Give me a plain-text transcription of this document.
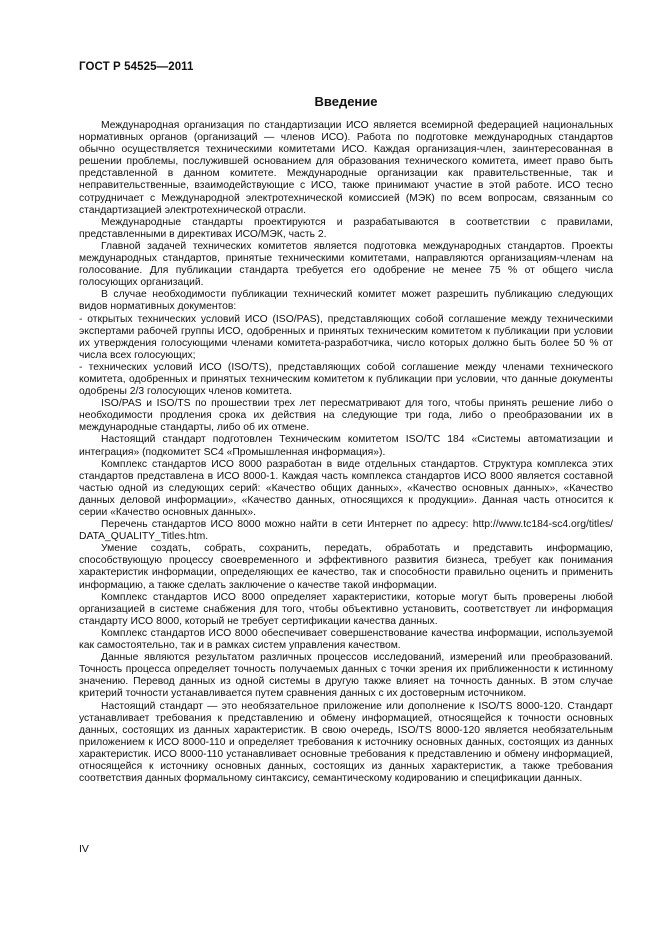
ГОСТ Р 54525—2011
Введение

Международная организация по стандартизации ИСО является всемирной федерацией национальных нормативных органов (организаций — членов ИСО). Работа по подготовке международных стандартов обычно осуществляется техническими комитетами ИСО. Каждая организация-член, заинтересованная в решении проблемы, послужившей основанием для образования технического комитета, имеет право быть представленной в данном комитете. Международные организации как правительственные, так и неправительственные, взаимодействующие с ИСО, также принимают участие в этой работе. ИСО тесно сотрудничает с Международной электротехнической комиссией (МЭК) по всем вопросам, связанным со стандартизацией электротехнической отрасли.

Международные стандарты проектируются и разрабатываются в соответствии с правилами, представленными в директивах ИСО/МЭК, часть 2.

Главной задачей технических комитетов является подготовка международных стандартов. Проекты международных стандартов, принятые техническими комитетами, направляются организациям-членам на голосование. Для публикации стандарта требуется его одобрение не менее 75 % от общего числа голосующих организаций.

В случае необходимости публикации технический комитет может разрешить публикацию следующих видов нормативных документов:

- открытых технических условий ИСО (ISO/PAS), представляющих собой соглашение между техническими экспертами рабочей группы ИСО, одобренных и принятых техническим комитетом к публикации при условии их утверждения голосующими членами комитета-разработчика, число которых должно быть более 50 % от числа всех голосующих;

- технических условий ИСО (ISO/TS), представляющих собой соглашение между членами технического комитета, одобренных и принятых техническим комитетом к публикации при условии, что данные документы одобрены 2/3 голосующих членов комитета.

ISO/PAS и ISO/TS по прошествии трех лет пересматривают для того, чтобы принять решение либо о необходимости продления срока их действия на следующие три года, либо о преобразовании их в международные стандарты, либо об их отмене.

Настоящий стандарт подготовлен Техническим комитетом ISO/TC 184 «Системы автоматизации и интеграция» (подкомитет SC4 «Промышленная информация»).

Комплекс стандартов ИСО 8000 разработан в виде отдельных стандартов. Структура комплекса этих стандартов представлена в ИСО 8000-1. Каждая часть комплекса стандартов ИСО 8000 является составной частью одной из следующих серий: «Качество общих данных», «Качество основных данных», «Качество данных деловой информации», «Качество данных, относящихся к продукции». Данная часть относится к серии «Качество основных данных».

Перечень стандартов ИСО 8000 можно найти в сети Интернет по адресу: http://www.tc184-sc4.org/titles/ DATA_QUALITY_Titles.htm.

Умение создать, собрать, сохранить, передать, обработать и представить информацию, способствующую процессу своевременного и эффективного развития бизнеса, требует как понимания характеристик информации, определяющих ее качество, так и способности правильно оценить и применить информацию, а также сделать заключение о качестве такой информации.

Комплекс стандартов ИСО 8000 определяет характеристики, которые могут быть проверены любой организацией в системе снабжения для того, чтобы объективно установить, соответствует ли информация стандарту ИСО 8000, который не требует сертификации качества данных.

Комплекс стандартов ИСО 8000 обеспечивает совершенствование качества информации, используемой как самостоятельно, так и в рамках систем управления качеством.

Данные являются результатом различных процессов исследований, измерений или преобразований. Точность процесса определяет точность получаемых данных с точки зрения их приближенности к истинному значению. Перевод данных из одной системы в другую также влияет на точность данных. В этом случае критерий точности устанавливается путем сравнения данных с их достоверным источником.

Настоящий стандарт — это необязательное приложение или дополнение к ISO/TS 8000-120. Стандарт устанавливает требования к представлению и обмену информацией, относящейся к точности основных данных, состоящих из данных характеристик. В свою очередь, ISO/TS 8000-120 является необязательным приложением к ИСО 8000-110 и определяет требования к источнику основных данных, состоящих из данных характеристик. ИСО 8000-110 устанавливает основные требования к представлению и обмену информацией, относящейся к источнику основных данных, состоящих из данных характеристик, а также требования соответствия данных формальному синтаксису, семантическому кодированию и спецификации данных.

IV
